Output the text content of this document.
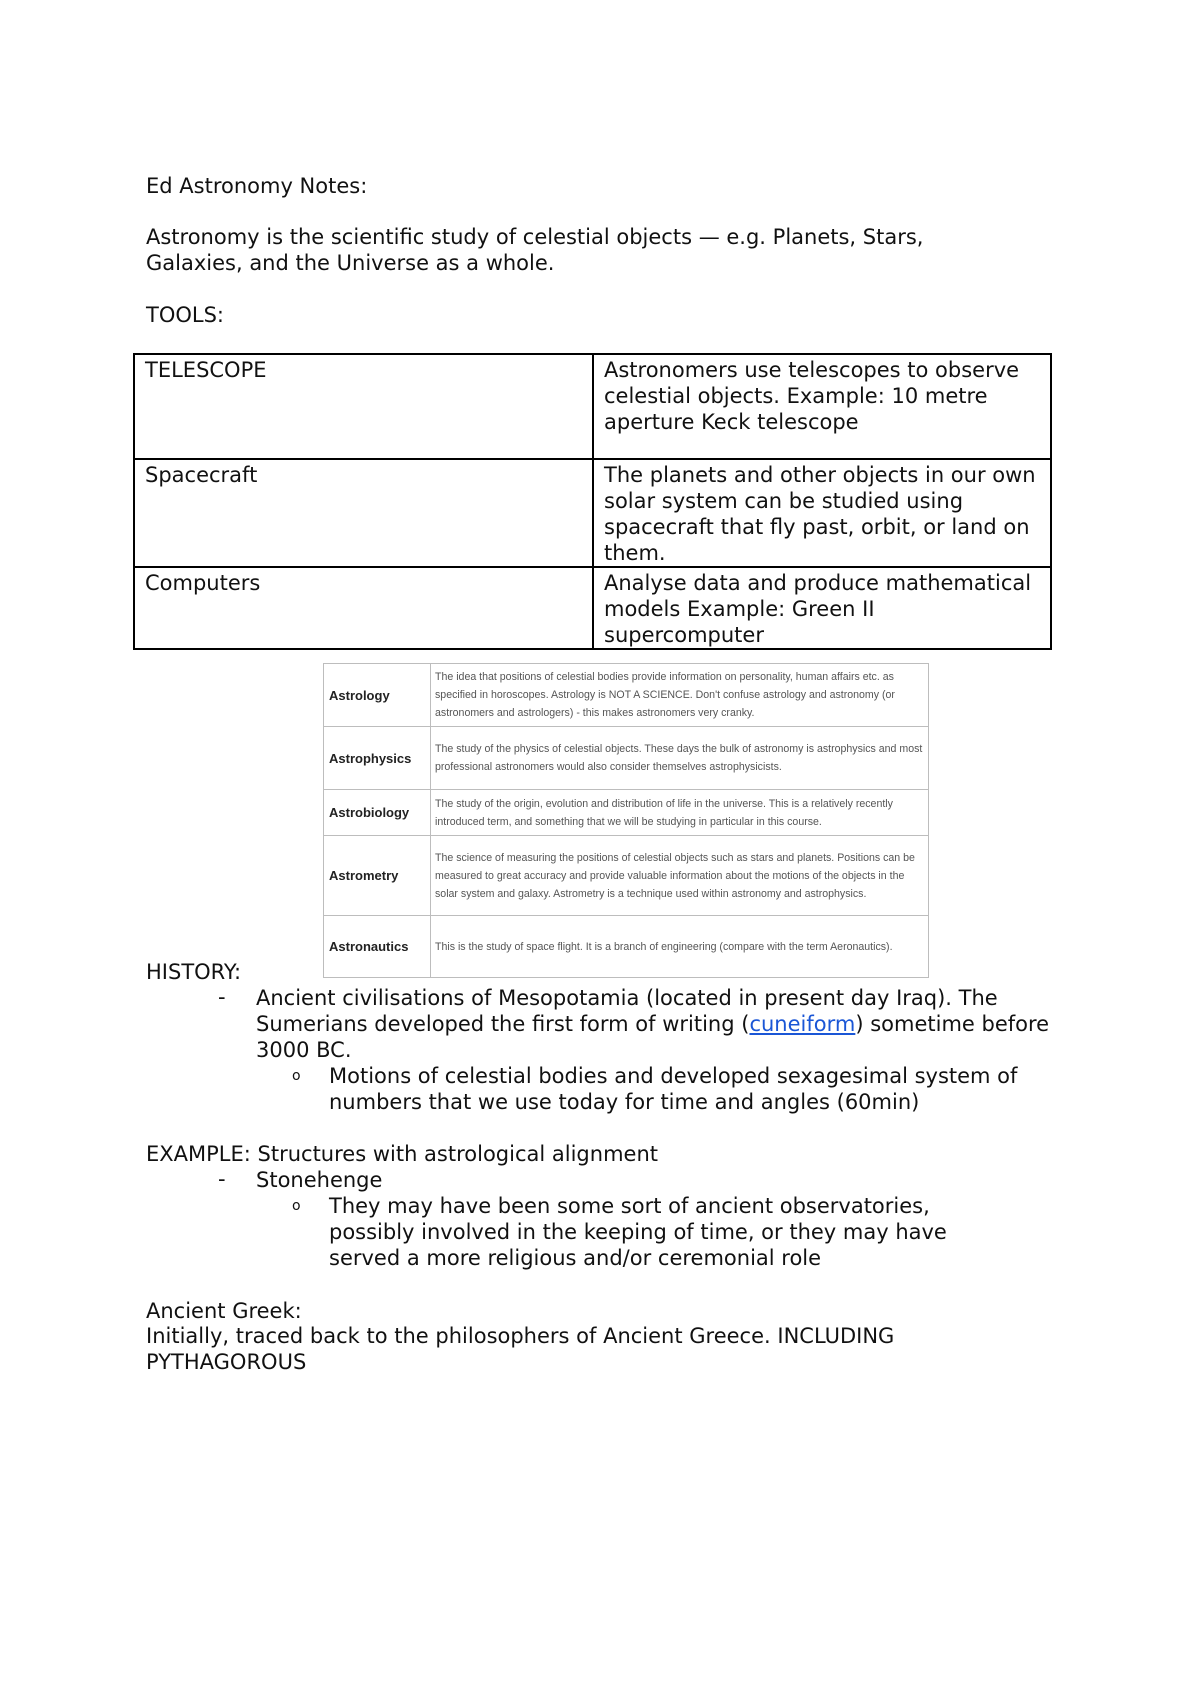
Ed Astronomy Notes:

Astronomy is the scientific study of celestial objects — e.g. Planets, Stars,

Galaxies, and the Universe as a whole.

TOOLS:

TELESCOPE	Astronomers use telescopes to observe celestial objects. Example: 10 metre aperture Keck telescope
Spacecraft	The planets and other objects in our own solar system can be studied using spacecraft that fly past, orbit, or land on them.
Computers	Analyse data and produce mathematical models Example: Green II supercomputer
Astrology	The idea that positions of celestial bodies provide information on personality, human affairs etc. as specified in horoscopes. Astrology is NOT A SCIENCE. Don't confuse astrology and astronomy (or astronomers and astrologers) - this makes astronomers very cranky.
Astrophysics	The study of the physics of celestial objects. These days the bulk of astronomy is astrophysics and most professional astronomers would also consider themselves astrophysicists.
Astrobiology	The study of the origin, evolution and distribution of life in the universe. This is a relatively recently introduced term, and something that we will be studying in particular in this course.
Astrometry	The science of measuring the positions of celestial objects such as stars and planets. Positions can be measured to great accuracy and provide valuable information about the motions of the objects in the solar system and galaxy. Astrometry is a technique used within astronomy and astrophysics.
Astronautics	This is the study of space flight. It is a branch of engineering (compare with the term Aeronautics).

HISTORY:

- Ancient civilisations of Mesopotamia (located in present day Iraq). The Sumerians developed the first form of writing (cuneiform) sometime before 3000 BC.

o Motions of celestial bodies and developed sexagesimal system of numbers that we use today for time and angles (60min)

EXAMPLE: Structures with astrological alignment

- Stonehenge

o They may have been some sort of ancient observatories, possibly involved in the keeping of time, or they may have served a more religious and/or ceremonial role

Ancient Greek:

Initially, traced back to the philosophers of Ancient Greece. INCLUDING PYTHAGOROUS
